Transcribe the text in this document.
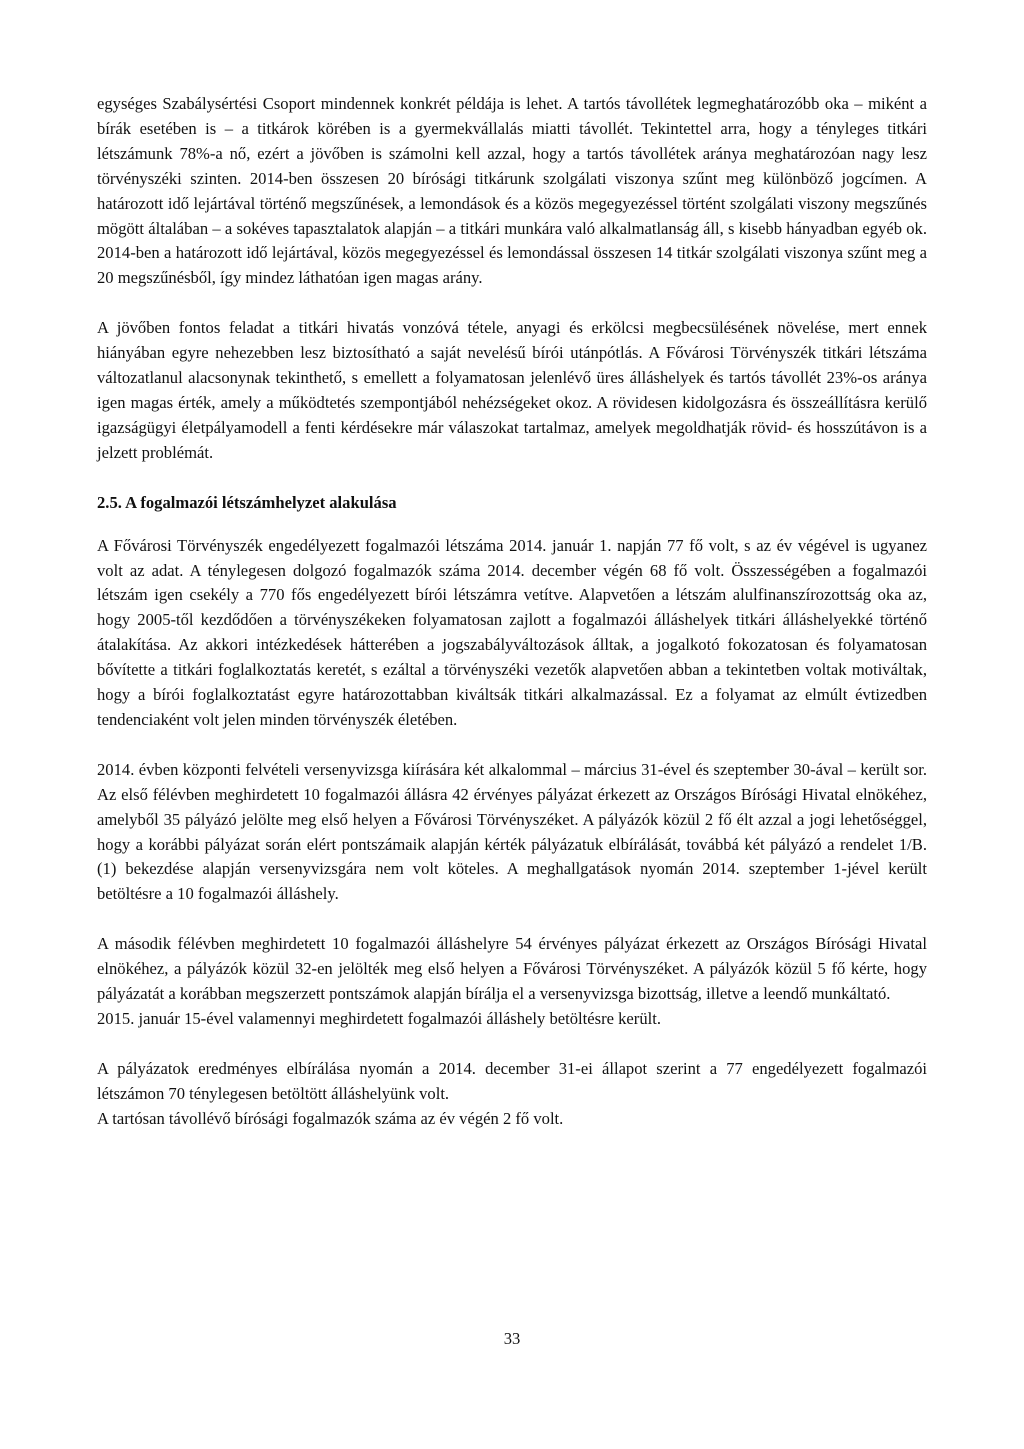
egységes Szabálysértési Csoport mindennek konkrét példája is lehet. A tartós távollétek legmeghatározóbb oka – miként a bírák esetében is – a titkárok körében is a gyermekvállalás miatti távollét. Tekintettel arra, hogy a tényleges titkári létszámunk 78%-a nő, ezért a jövőben is számolni kell azzal, hogy a tartós távollétek aránya meghatározóan nagy lesz törvényszéki szinten. 2014-ben összesen 20 bírósági titkárunk szolgálati viszonya szűnt meg különböző jogcímen. A határozott idő lejártával történő megszűnések, a lemondások és a közös megegyezéssel történt szolgálati viszony megszűnés mögött általában – a sokéves tapasztalatok alapján – a titkári munkára való alkalmatlanság áll, s kisebb hányadban egyéb ok. 2014-ben a határozott idő lejártával, közös megegyezéssel és lemondással összesen 14 titkár szolgálati viszonya szűnt meg a 20 megszűnésből, így mindez láthatóan igen magas arány.

A jövőben fontos feladat a titkári hivatás vonzóvá tétele, anyagi és erkölcsi megbecsülésének növelése, mert ennek hiányában egyre nehezebben lesz biztosítható a saját nevelésű bírói utánpótlás. A Fővárosi Törvényszék titkári létszáma változatlanul alacsonynak tekinthető, s emellett a folyamatosan jelenlévő üres álláshelyek és tartós távollét 23%-os aránya igen magas érték, amely a működtetés szempontjából nehézségeket okoz. A rövidesen kidolgozásra és összeállításra kerülő igazságügyi életpályamodell a fenti kérdésekre már válaszokat tartalmaz, amelyek megoldhatják rövid- és hosszútávon is a jelzett problémát.

2.5. A fogalmazói létszámhelyzet alakulása

A Fővárosi Törvényszék engedélyezett fogalmazói létszáma 2014. január 1. napján 77 fő volt, s az év végével is ugyanez volt az adat. A ténylegesen dolgozó fogalmazók száma 2014. december végén 68 fő volt. Összességében a fogalmazói létszám igen csekély a 770 fős engedélyezett bírói létszámra vetítve. Alapvetően a létszám alulfinanszírozottság oka az, hogy 2005-től kezdődően a törvényszékeken folyamatosan zajlott a fogalmazói álláshelyek titkári álláshelyekké történő átalakítása. Az akkori intézkedések hátterében a jogszabályváltozások álltak, a jogalkotó fokozatosan és folyamatosan bővítette a titkári foglalkoztatás keretét, s ezáltal a törvényszéki vezetők alapvetően abban a tekintetben voltak motiváltak, hogy a bírói foglalkoztatást egyre határozottabban kiváltsák titkári alkalmazással. Ez a folyamat az elmúlt évtizedben tendenciaként volt jelen minden törvényszék életében.

2014. évben központi felvételi versenyvizsga kiírására két alkalommal – március 31-ével és szeptember 30-ával – került sor. Az első félévben meghirdetett 10 fogalmazói állásra 42 érvényes pályázat érkezett az Országos Bírósági Hivatal elnökéhez, amelyből 35 pályázó jelölte meg első helyen a Fővárosi Törvényszéket. A pályázók közül 2 fő élt azzal a jogi lehetőséggel, hogy a korábbi pályázat során elért pontszámaik alapján kérték pályázatuk elbírálását, továbbá két pályázó a rendelet 1/B. (1) bekezdése alapján versenyvizsgára nem volt köteles. A meghallgatások nyomán 2014. szeptember 1-jével került betöltésre a 10 fogalmazói álláshely.

A második félévben meghirdetett 10 fogalmazói álláshelyre 54 érvényes pályázat érkezett az Országos Bírósági Hivatal elnökéhez, a pályázók közül 32-en jelölték meg első helyen a Fővárosi Törvényszéket. A pályázók közül 5 fő kérte, hogy pályázatát a korábban megszerzett pontszámok alapján bírálja el a versenyvizsga bizottság, illetve a leendő munkáltató.

2015. január 15-ével valamennyi meghirdetett fogalmazói álláshely betöltésre került.

A pályázatok eredményes elbírálása nyomán a 2014. december 31-ei állapot szerint a 77 engedélyezett fogalmazói létszámon 70 ténylegesen betöltött álláshelyünk volt.

A tartósan távollévő bírósági fogalmazók száma az év végén 2 fő volt.

33
